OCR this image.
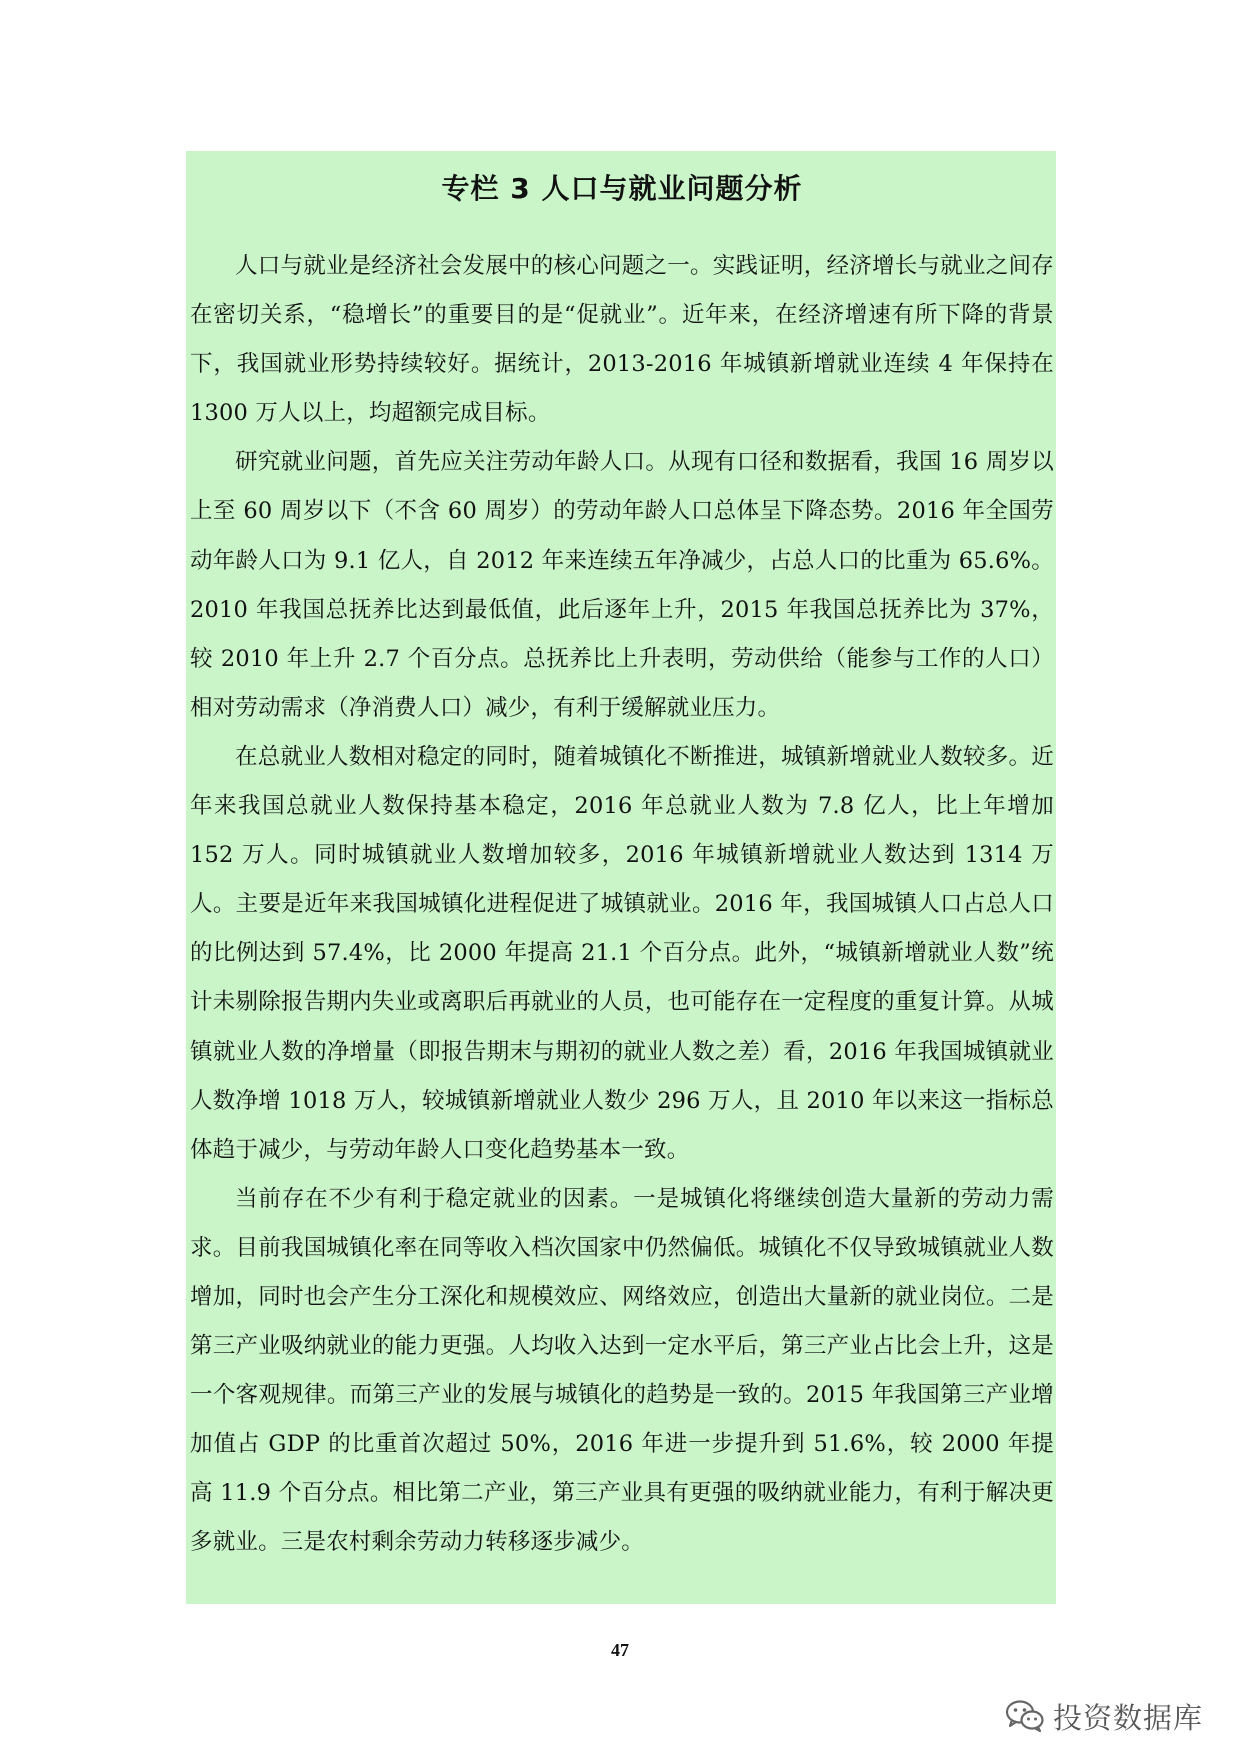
专栏 3 人口与就业问题分析

人口与就业是经济社会发展中的核心问题之一。实践证明，经济增长与就业之间存在密切关系，“稳增长”的重要目的是“促就业”。近年来，在经济增速有所下降的背景下，我国就业形势持续较好。据统计，2013-2016 年城镇新增就业连续 4 年保持在 1300 万人以上，均超额完成目标。

研究就业问题，首先应关注劳动年龄人口。从现有口径和数据看，我国 16 周岁以上至 60 周岁以下（不含 60 周岁）的劳动年龄人口总体呈下降态势。2016 年全国劳动年龄人口为 9.1 亿人，自 2012 年来连续五年净减少，占总人口的比重为 65.6%。2010 年我国总抚养比达到最低值，此后逐年上升，2015 年我国总抚养比为 37%，较 2010 年上升 2.7 个百分点。总抚养比上升表明，劳动供给（能参与工作的人口）相对劳动需求（净消费人口）减少，有利于缓解就业压力。

在总就业人数相对稳定的同时，随着城镇化不断推进，城镇新增就业人数较多。近年来我国总就业人数保持基本稳定，2016 年总就业人数为 7.8 亿人，比上年增加 152 万人。同时城镇就业人数增加较多，2016 年城镇新增就业人数达到 1314 万人。主要是近年来我国城镇化进程促进了城镇就业。2016 年，我国城镇人口占总人口的比例达到 57.4%，比 2000 年提高 21.1 个百分点。此外，“城镇新增就业人数”统计未剔除报告期内失业或离职后再就业的人员，也可能存在一定程度的重复计算。从城镇就业人数的净增量（即报告期末与期初的就业人数之差）看，2016 年我国城镇就业人数净增 1018 万人，较城镇新增就业人数少 296 万人，且 2010 年以来这一指标总体趋于减少，与劳动年龄人口变化趋势基本一致。

当前存在不少有利于稳定就业的因素。一是城镇化将继续创造大量新的劳动力需求。目前我国城镇化率在同等收入档次国家中仍然偏低。城镇化不仅导致城镇就业人数增加，同时也会产生分工深化和规模效应、网络效应，创造出大量新的就业岗位。二是第三产业吸纳就业的能力更强。人均收入达到一定水平后，第三产业占比会上升，这是一个客观规律。而第三产业的发展与城镇化的趋势是一致的。2015 年我国第三产业增加值占 GDP 的比重首次超过 50%，2016 年进一步提升到 51.6%，较 2000 年提高 11.9 个百分点。相比第二产业，第三产业具有更强的吸纳就业能力，有利于解决更多就业。三是农村剩余劳动力转移逐步减少。

47
投资数据库
